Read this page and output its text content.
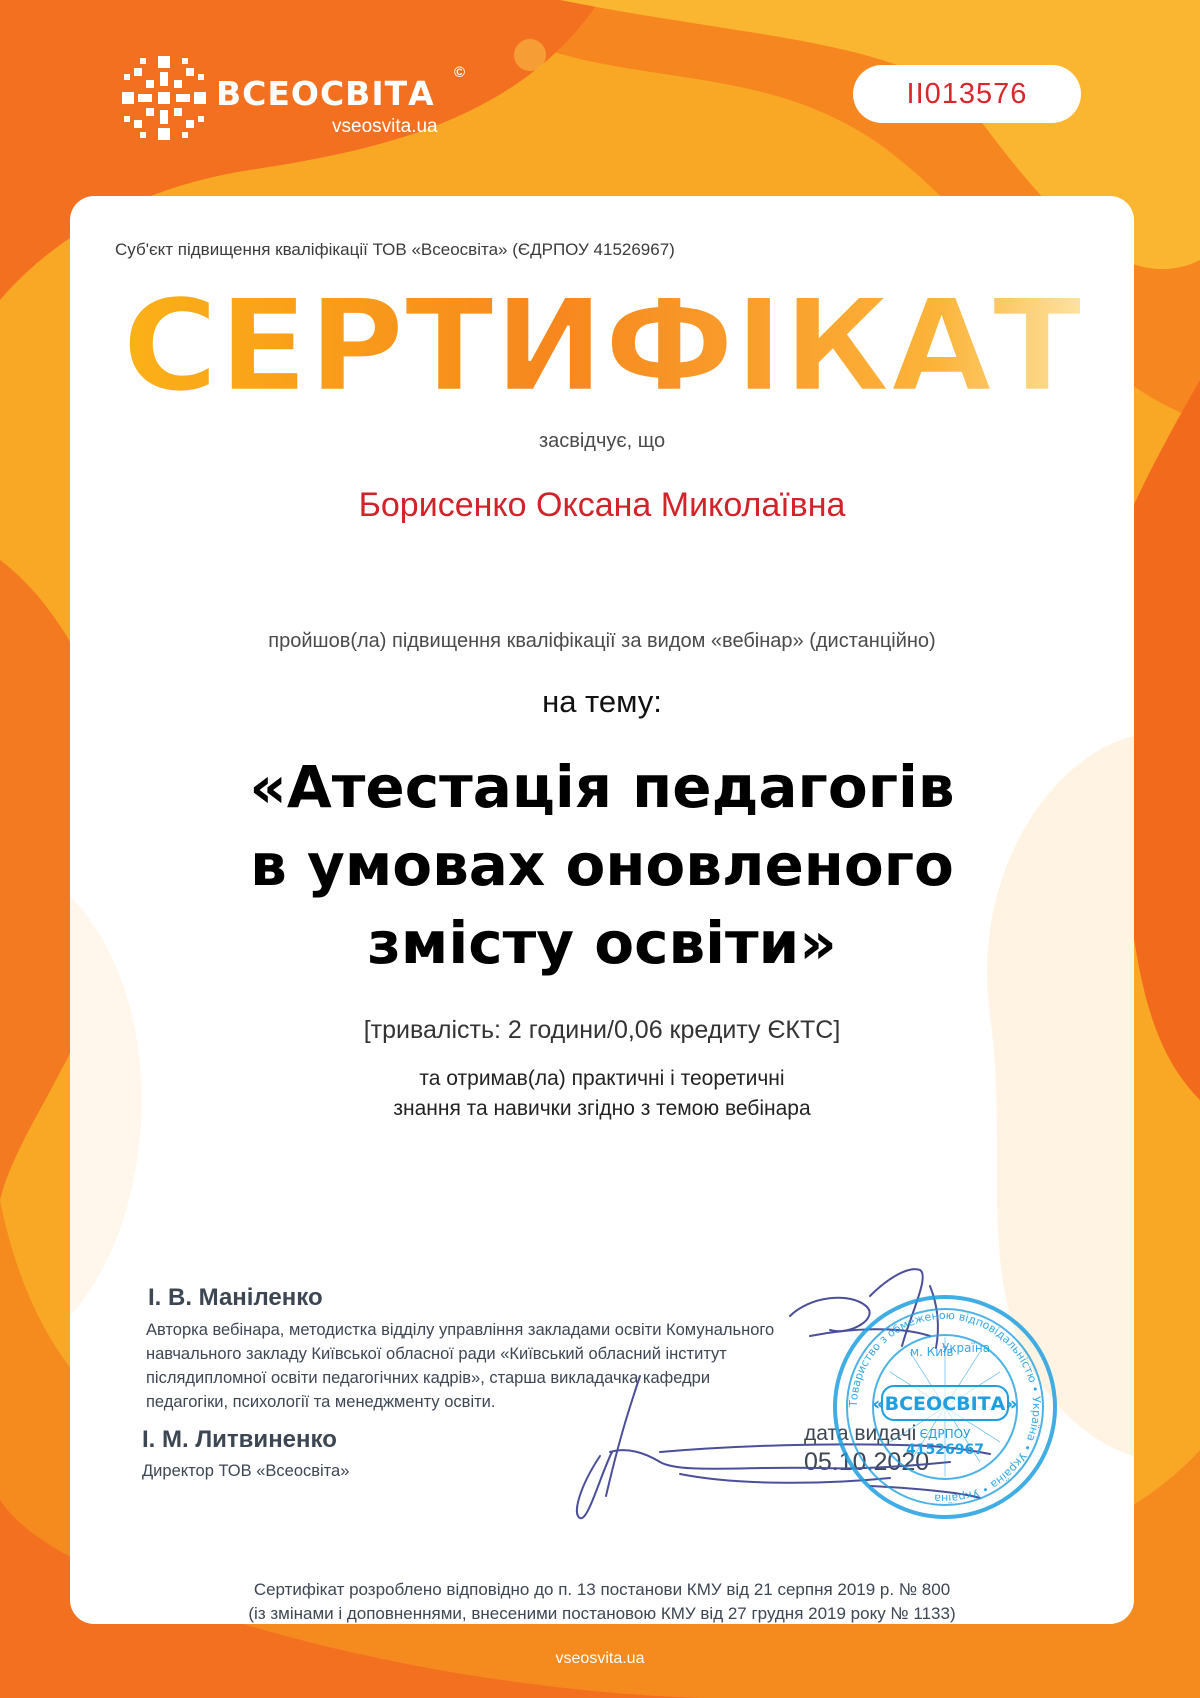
ВСЕОСВІТА
©
vseosvita.ua
II013576
Суб'єкт підвищення кваліфікації ТОВ «Всеосвіта» (ЄДРПОУ 41526967)
СЕРТИФІКАТ
засвідчує, що
Борисенко Оксана Миколаївна
пройшов(ла) підвищення кваліфікації за видом «вебінар» (дистанційно)
на тему:
«Атестація педагогів
в умовах оновленого
змісту освіти»
[тривалість: 2 години/0,06 кредиту ЄКТС]
та отримав(ла) практичні і теоретичні
знання та навички згідно з темою вебінара
І. В. Маніленко
Авторка вебінара, методистка відділу управління закладами освіти Комунального
навчального закладу Київської обласної ради «Київський обласний інститут
післядипломної освіти педагогічних кадрів», старша викладачка кафедри
педагогіки, психології та менеджменту освіти.
І. М. Литвиненко
Директор ТОВ «Всеосвіта»
дата видачі
05.10.2020
Товариство з обмеженою відповідальністю • Україна • Україна • Україна
м. Київ
Україна
«ВСЕОСВІТА»
ЄДРПОУ
41526967
Сертифікат розроблено відповідно до п. 13 постанови КМУ від 21 серпня 2019 р. № 800
(із змінами і доповненнями, внесеними постановою КМУ від 27 грудня 2019 року № 1133)
vseosvita.ua
